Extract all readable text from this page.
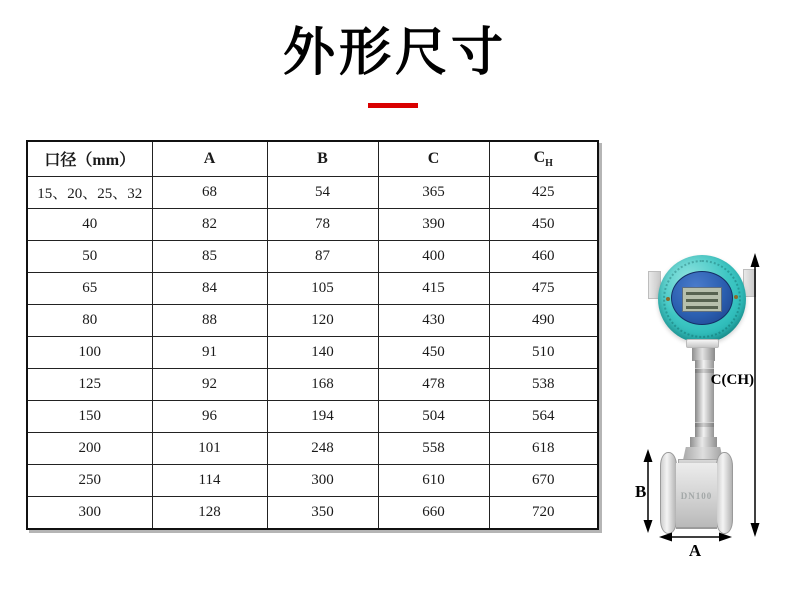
外形尺寸
口径（mm）	A	B	C	$C_H$
15、20、25、32	68	54	365	425
40	82	78	390	450
50	85	87	400	460
65	84	105	415	475
80	88	120	430	490
100	91	140	450	510
125	92	168	478	538
150	96	194	504	564
200	101	248	558	618
250	114	300	610	670
300	128	350	660	720
DN100
C(CH)
B
A
